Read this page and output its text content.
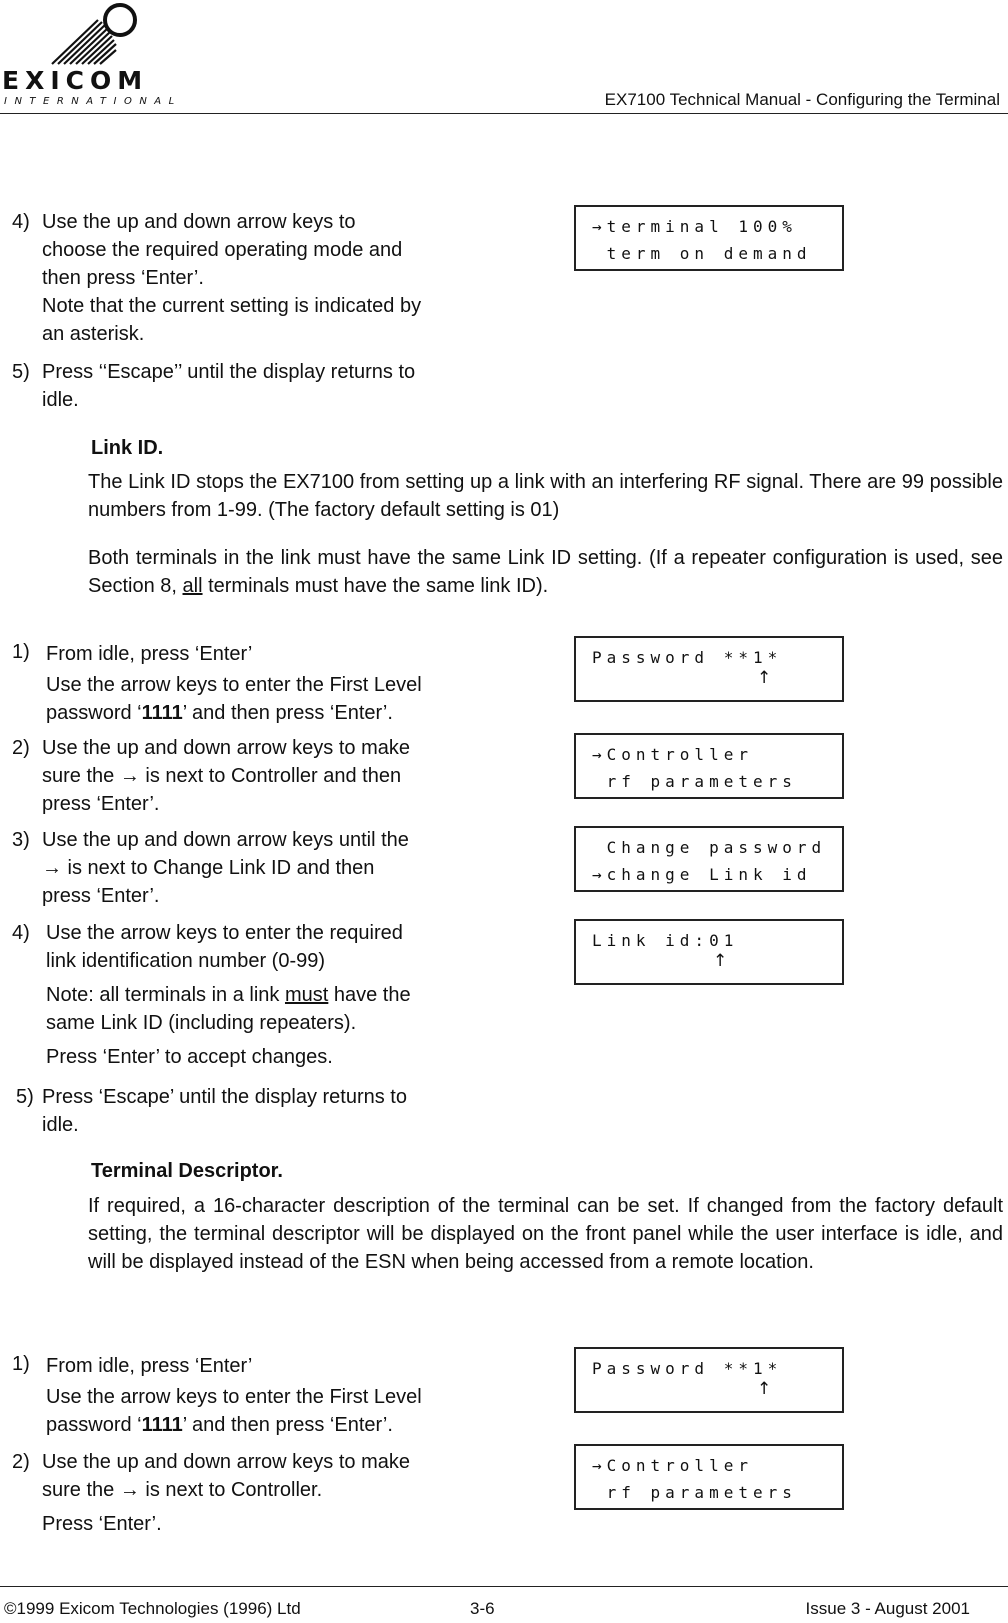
EXICOM
INTERNATIONAL	EX7100 Technical Manual - Configuring the Terminal
4) Use the up and down arrow keys to
choose the required operating mode and
then press ‘Enter’.
Note that the current setting is indicated by
an asterisk.
5) Press ‘‘Escape’’ until the display returns to
idle.
→terminal 100%
term on demand
Link ID.
The Link ID stops the EX7100 from setting up a link with an interfering RF signal. There are 99 possible numbers from 1-99. (The factory default setting is 01)
Both terminals in the link must have the same Link ID setting. (If a repeater configuration is used, see Section 8, all terminals must have the same link ID).
1) From idle, press ‘Enter’
Use the arrow keys to enter the First Level
password ‘1111’ and then press ‘Enter’.
2) Use the up and down arrow keys to make
sure the → is next to Controller and then
press ‘Enter’.
3) Use the up and down arrow keys until the
→ is next to Change Link ID and then
press ‘Enter’.
4) Use the arrow keys to enter the required
link identification number (0-99)
Note: all terminals in a link must have the
same Link ID (including repeaters).
Press ‘Enter’ to accept changes.
5) Press ‘Escape’ until the display returns to
idle.
Password **1*
↑
→Controller
rf parameters
Change password
→change Link id
Link id:01
↑
Terminal Descriptor.
If required, a 16-character description of the terminal can be set. If changed from the factory default setting, the terminal descriptor will be displayed on the front panel while the user interface is idle, and will be displayed instead of the ESN when being accessed from a remote location.
1) From idle, press ‘Enter’
Use the arrow keys to enter the First Level
password ‘1111’ and then press ‘Enter’.
2) Use the up and down arrow keys to make
sure the → is next to Controller.
Press ‘Enter’.
Password **1*
↑
→Controller
rf parameters
©1999 Exicom Technologies (1996) Ltd	3-6	Issue 3 - August 2001
